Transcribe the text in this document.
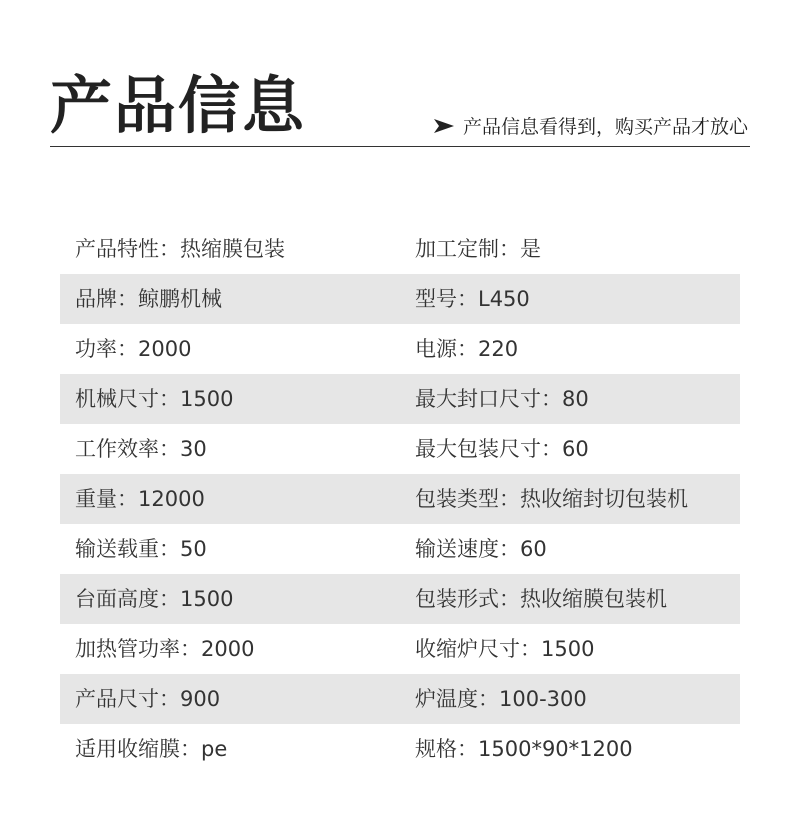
产品信息	产品信息看得到，购买产品才放心
产品特性：热缩膜包装	加工定制：是
品牌：鲸鹏机械	型号：L450
功率：2000	电源：220
机械尺寸：1500	最大封口尺寸：80
工作效率：30	最大包装尺寸：60
重量：12000	包装类型：热收缩封切包装机
输送载重：50	输送速度：60
台面高度：1500	包装形式：热收缩膜包装机
加热管功率：2000	收缩炉尺寸：1500
产品尺寸：900	炉温度：100-300
适用收缩膜：pe	规格：1500*90*1200
